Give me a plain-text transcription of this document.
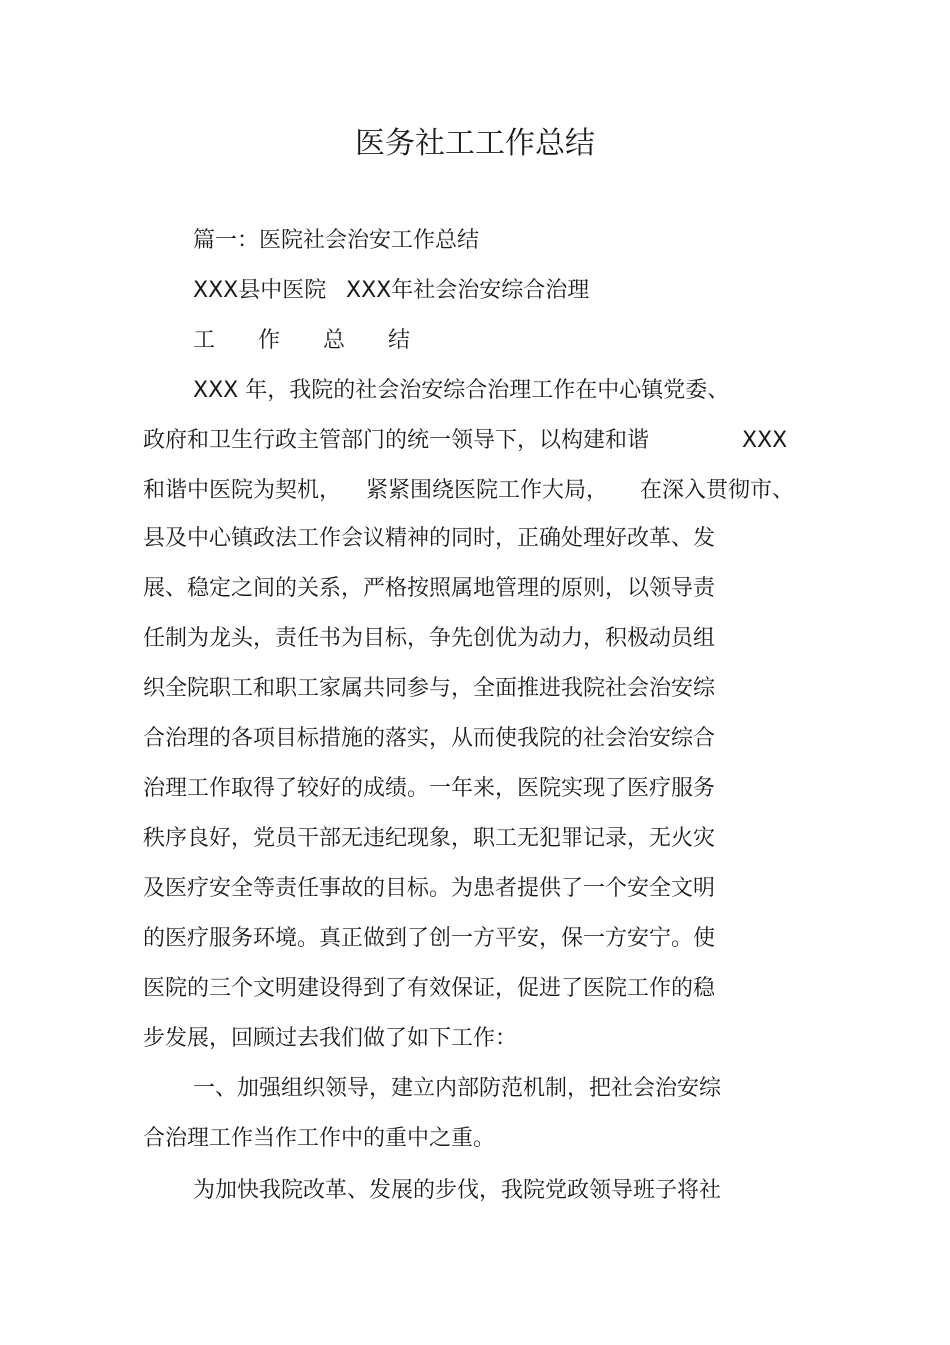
医务社工工作总结
篇一：医院社会治安工作总结
XXX县中医院 XXX年社会治安综合治理
工 作 总 结
XXX 年，我院的社会治安综合治理工作在中心镇党委、
政府和卫生行政主管部门的统一领导下，以构建和谐	XXX
和谐中医院为契机， 紧紧围绕医院工作大局， 在深入贯彻市、
县及中心镇政法工作会议精神的同时，正确处理好改革、发
展、稳定之间的关系，严格按照属地管理的原则，以领导责
任制为龙头，责任书为目标，争先创优为动力，积极动员组
织全院职工和职工家属共同参与，全面推进我院社会治安综
合治理的各项目标措施的落实，从而使我院的社会治安综合
治理工作取得了较好的成绩。一年来，医院实现了医疗服务
秩序良好，党员干部无违纪现象，职工无犯罪记录，无火灾
及医疗安全等责任事故的目标。为患者提供了一个安全文明
的医疗服务环境。真正做到了创一方平安，保一方安宁。使
医院的三个文明建设得到了有效保证，促进了医院工作的稳
步发展，回顾过去我们做了如下工作：
一、加强组织领导，建立内部防范机制，把社会治安综
合治理工作当作工作中的重中之重。
为加快我院改革、发展的步伐，我院党政领导班子将社
